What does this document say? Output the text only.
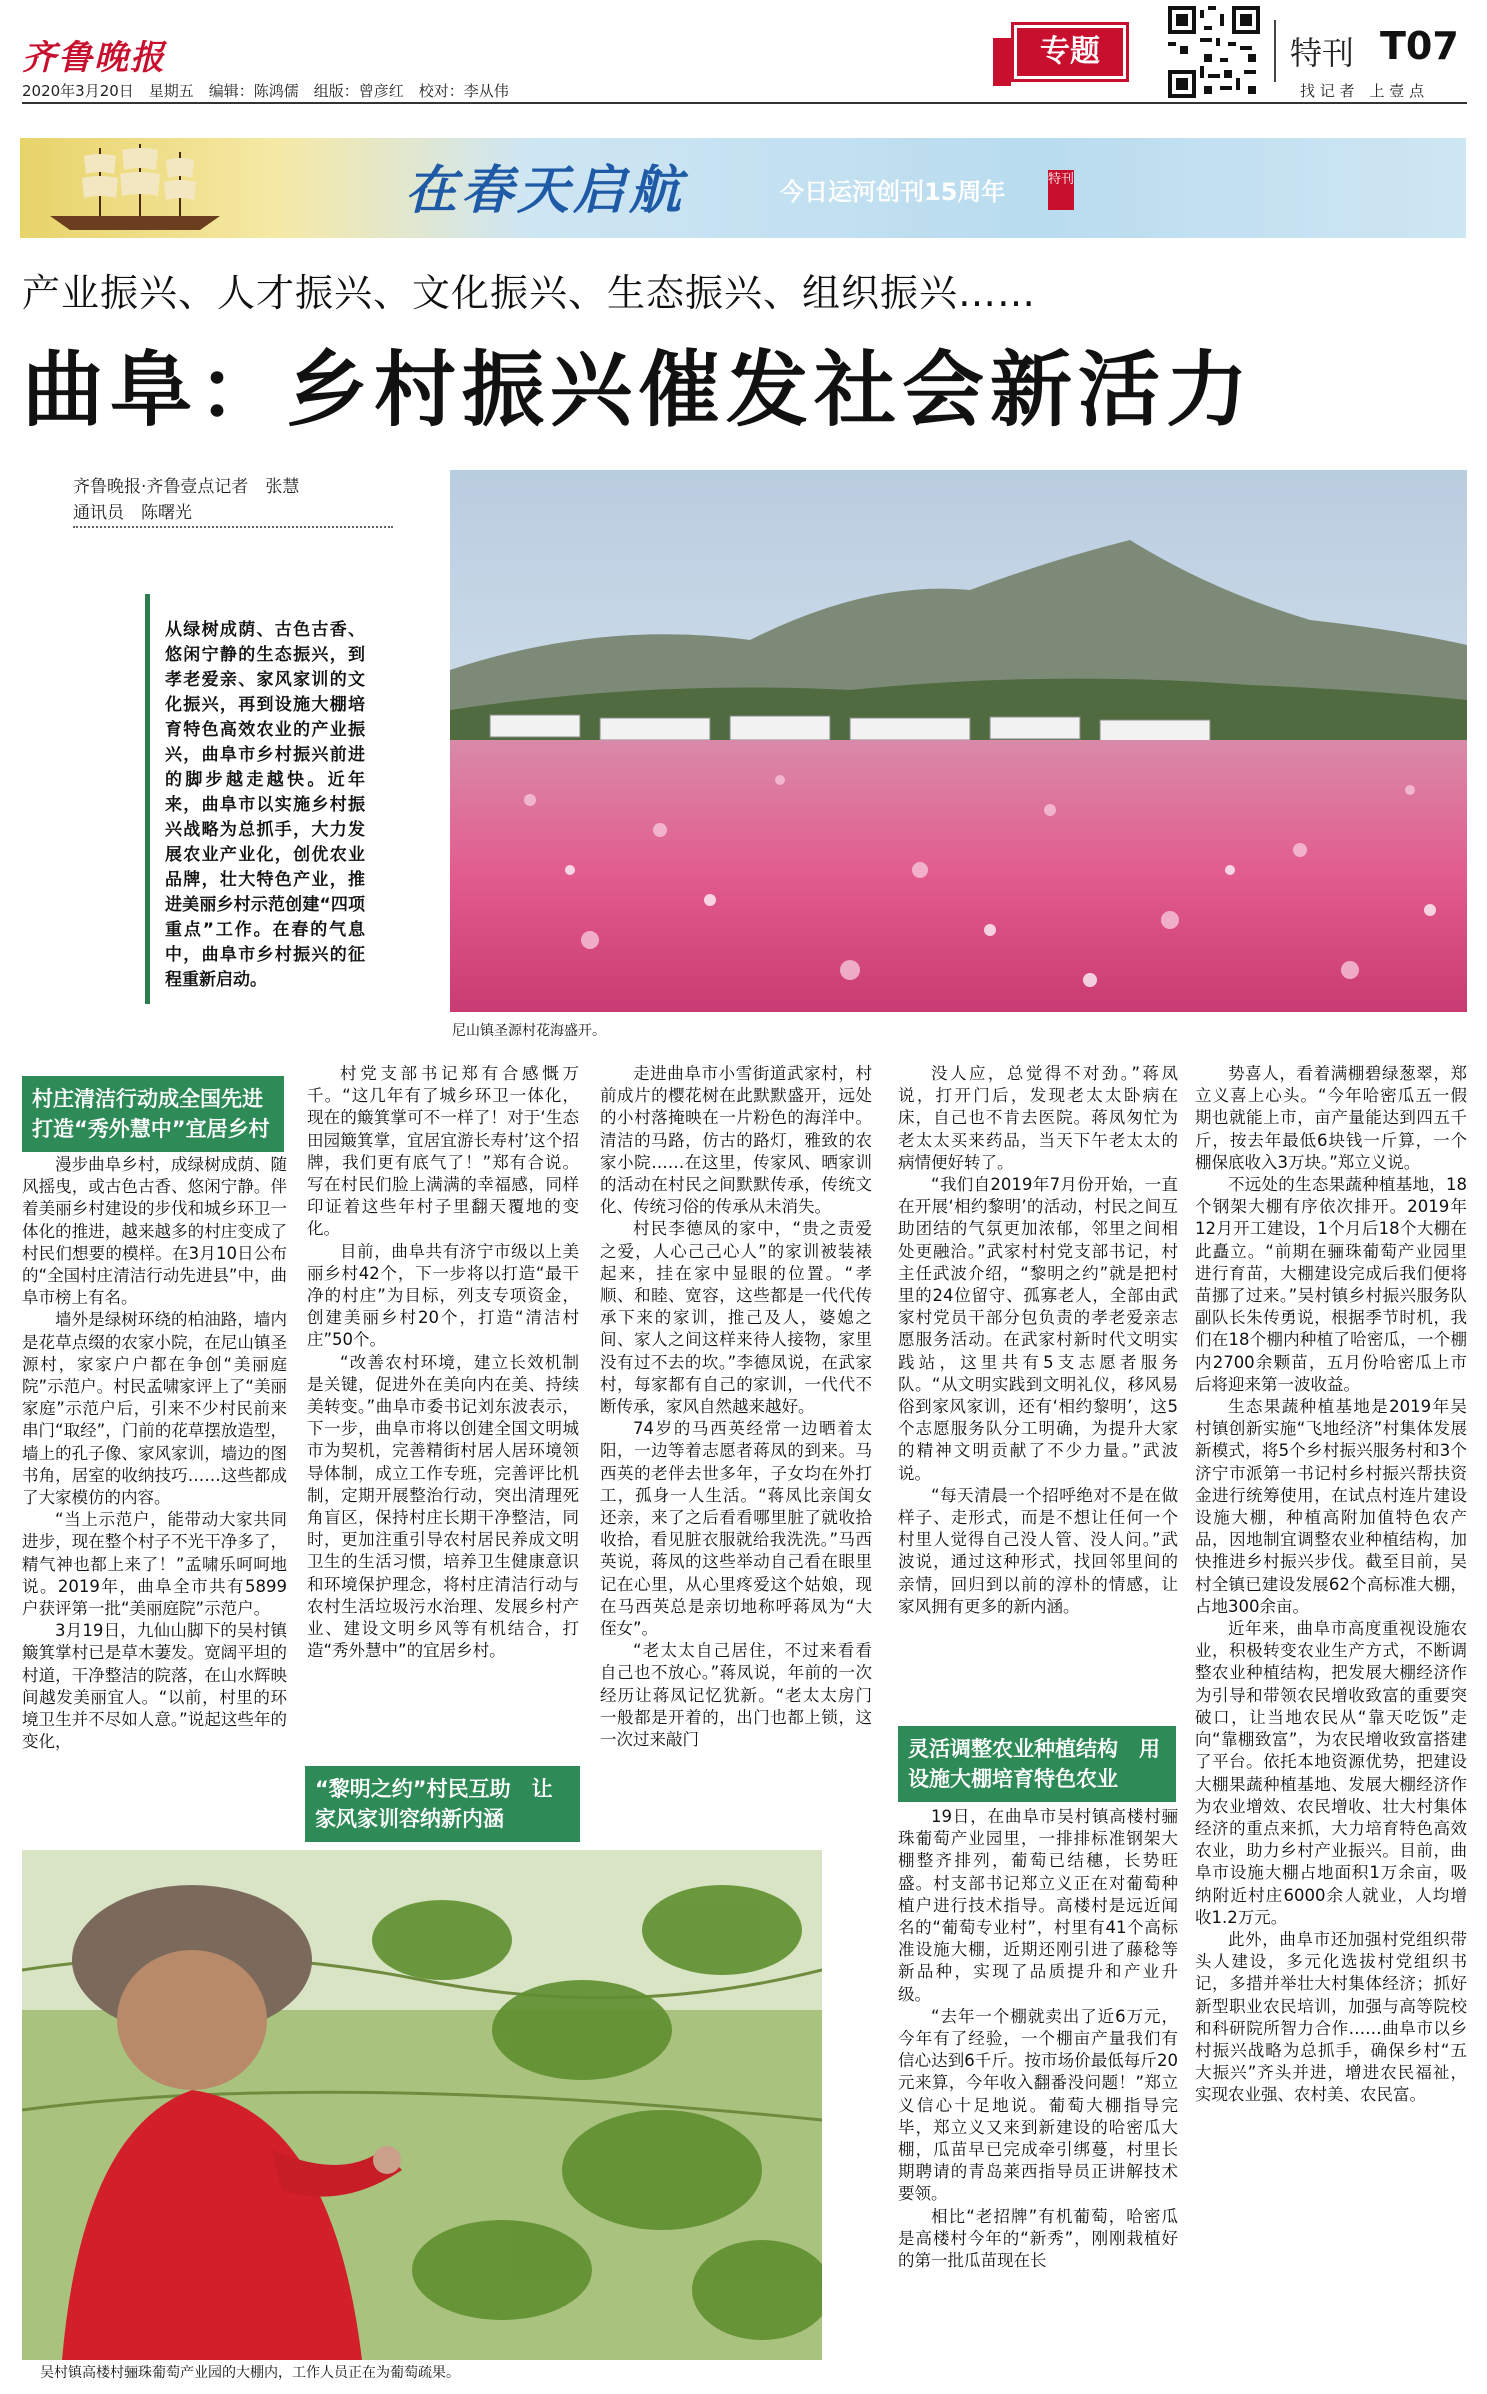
齐鲁晚报	专题	特刊 T07
2020年3月20日　星期五　编辑：陈鸿儒　组版：曾彦红　校对：李从伟	找 记 者　上 壹 点
在春天启航	今日运河创刊15周年	特刊
产业振兴、人才振兴、文化振兴、生态振兴、组织振兴……
曲阜：乡村振兴催发社会新活力
齐鲁晚报·齐鲁壹点记者　张慧
通讯员　陈曙光
从绿树成荫、古色古香、悠闲宁静的生态振兴，到孝老爱亲、家风家训的文化振兴，再到设施大棚培育特色高效农业的产业振兴，曲阜市乡村振兴前进的脚步越走越快。近年来，曲阜市以实施乡村振兴战略为总抓手，大力发展农业产业化，创优农业品牌，壮大特色产业，推进美丽乡村示范创建“四项重点”工作。在春的气息中，曲阜市乡村振兴的征程重新启动。
尼山镇圣源村花海盛开。
村庄清洁行动成全国先进　打造“秀外慧中”宜居乡村
“黎明之约”村民互助　让家风家训容纳新内涵
灵活调整农业种植结构　用设施大棚培育特色农业

漫步曲阜乡村，成绿树成荫、随风摇曳，或古色古香、悠闲宁静。伴着美丽乡村建设的步伐和城乡环卫一体化的推进，越来越多的村庄变成了村民们想要的模样。在3月10日公布的“全国村庄清洁行动先进县”中，曲阜市榜上有名。

墙外是绿树环绕的柏油路，墙内是花草点缀的农家小院，在尼山镇圣源村，家家户户都在争创“美丽庭院”示范户。村民孟啸家评上了“美丽家庭”示范户后，引来不少村民前来串门“取经”，门前的花草摆放造型，墙上的孔子像、家风家训，墙边的图书角，居室的收纳技巧……这些都成了大家模仿的内容。

“当上示范户，能带动大家共同进步，现在整个村子不光干净多了，精气神也都上来了！”孟啸乐呵呵地说。2019年，曲阜全市共有5899户获评第一批“美丽庭院”示范户。

3月19日，九仙山脚下的吴村镇簸箕掌村已是草木萋发。宽阔平坦的村道，干净整洁的院落，在山水辉映间越发美丽宜人。“以前，村里的环境卫生并不尽如人意。”说起这些年的变化，

村党支部书记郑有合感慨万千。“这几年有了城乡环卫一体化，现在的簸箕掌可不一样了！对于‘生态田园簸箕掌，宜居宜游长寿村’这个招牌，我们更有底气了！”郑有合说。写在村民们脸上满满的幸福感，同样印证着这些年村子里翻天覆地的变化。

目前，曲阜共有济宁市级以上美丽乡村42个，下一步将以打造“最干净的村庄”为目标，列支专项资金，创建美丽乡村20个，打造“清洁村庄”50个。

“改善农村环境，建立长效机制是关键，促进外在美向内在美、持续美转变。”曲阜市委书记刘东波表示，下一步，曲阜市将以创建全国文明城市为契机，完善精街村居人居环境领导体制，成立工作专班，完善评比机制，定期开展整治行动，突出清理死角盲区，保持村庄长期干净整洁，同时，更加注重引导农村居民养成文明卫生的生活习惯，培养卫生健康意识和环境保护理念，将村庄清洁行动与农村生活垃圾污水治理、发展乡村产业、建设文明乡风等有机结合，打造“秀外慧中”的宜居乡村。

走进曲阜市小雪街道武家村，村前成片的樱花树在此默默盛开，远处的小村落掩映在一片粉色的海洋中。清洁的马路，仿古的路灯，雅致的农家小院……在这里，传家风、晒家训的活动在村民之间默默传承，传统文化、传统习俗的传承从未消失。

村民李德凤的家中，“贵之责爱之爱，人心己己心人”的家训被装裱起来，挂在家中显眼的位置。“孝顺、和睦、宽容，这些都是一代代传承下来的家训，推己及人，婆媳之间、家人之间这样来待人接物，家里没有过不去的坎。”李德凤说，在武家村，每家都有自己的家训，一代代不断传承，家风自然越来越好。

74岁的马西英经常一边晒着太阳，一边等着志愿者蒋凤的到来。马西英的老伴去世多年，子女均在外打工，孤身一人生活。“蒋凤比亲闺女还亲，来了之后看看哪里脏了就收拾收拾，看见脏衣服就给我洗洗。”马西英说，蒋凤的这些举动自己看在眼里记在心里，从心里疼爱这个姑娘，现在马西英总是亲切地称呼蒋凤为“大侄女”。

“老太太自己居住，不过来看看自己也不放心。”蒋凤说，年前的一次经历让蒋凤记忆犹新。“老太太房门一般都是开着的，出门也都上锁，这一次过来敲门

没人应，总觉得不对劲。”蒋凤说，打开门后，发现老太太卧病在床，自己也不肯去医院。蒋凤匆忙为老太太买来药品，当天下午老太太的病情便好转了。

“我们自2019年7月份开始，一直在开展‘相约黎明’的活动，村民之间互助团结的气氛更加浓郁，邻里之间相处更融洽。”武家村村党支部书记，村主任武波介绍，“黎明之约”就是把村里的24位留守、孤寡老人，全部由武家村党员干部分包负责的孝老爱亲志愿服务活动。在武家村新时代文明实践站，这里共有5支志愿者服务队。“从文明实践到文明礼仪，移风易俗到家风家训，还有‘相约黎明’，这5个志愿服务队分工明确，为提升大家的精神文明贡献了不少力量。”武波说。

“每天清晨一个招呼绝对不是在做样子、走形式，而是不想让任何一个村里人觉得自己没人管、没人问。”武波说，通过这种形式，找回邻里间的亲情，回归到以前的淳朴的情感，让家风拥有更多的新内涵。

19日，在曲阜市吴村镇高楼村骊珠葡萄产业园里，一排排标准钢架大棚整齐排列，葡萄已结穗，长势旺盛。村支部书记郑立义正在对葡萄种植户进行技术指导。高楼村是远近闻名的“葡萄专业村”，村里有41个高标准设施大棚，近期还刚引进了藤稔等新品种，实现了品质提升和产业升级。

“去年一个棚就卖出了近6万元，今年有了经验，一个棚亩产量我们有信心达到6千斤。按市场价最低每斤20元来算，今年收入翻番没问题！”郑立义信心十足地说。葡萄大棚指导完毕，郑立义又来到新建设的哈密瓜大棚，瓜苗早已完成牵引绑蔓，村里长期聘请的青岛莱西指导员正讲解技术要领。

相比“老招牌”有机葡萄，哈密瓜是高楼村今年的“新秀”，刚刚栽植好的第一批瓜苗现在长

势喜人，看着满棚碧绿葱翠，郑立义喜上心头。“今年哈密瓜五一假期也就能上市，亩产量能达到四五千斤，按去年最低6块钱一斤算，一个棚保底收入3万块。”郑立义说。

不远处的生态果蔬种植基地，18个钢架大棚有序依次排开。2019年12月开工建设，1个月后18个大棚在此矗立。“前期在骊珠葡萄产业园里进行育苗，大棚建设完成后我们便将苗挪了过来。”吴村镇乡村振兴服务队副队长朱传勇说，根据季节时机，我们在18个棚内种植了哈密瓜，一个棚内2700余颗苗，五月份哈密瓜上市后将迎来第一波收益。

生态果蔬种植基地是2019年吴村镇创新实施“飞地经济”村集体发展新模式，将5个乡村振兴服务村和3个济宁市派第一书记村乡村振兴帮扶资金进行统筹使用，在试点村连片建设设施大棚，种植高附加值特色农产品，因地制宜调整农业种植结构，加快推进乡村振兴步伐。截至目前，吴村全镇已建设发展62个高标准大棚，占地300余亩。

近年来，曲阜市高度重视设施农业，积极转变农业生产方式，不断调整农业种植结构，把发展大棚经济作为引导和带领农民增收致富的重要突破口，让当地农民从“靠天吃饭”走向“靠棚致富”，为农民增收致富搭建了平台。依托本地资源优势，把建设大棚果蔬种植基地、发展大棚经济作为农业增效、农民增收、壮大村集体经济的重点来抓，大力培育特色高效农业，助力乡村产业振兴。目前，曲阜市设施大棚占地面积1万余亩，吸纳附近村庄6000余人就业，人均增收1.2万元。

此外，曲阜市还加强村党组织带头人建设，多元化选拔村党组织书记，多措并举壮大村集体经济；抓好新型职业农民培训，加强与高等院校和科研院所智力合作……曲阜市以乡村振兴战略为总抓手，确保乡村“五大振兴”齐头并进，增进农民福祉，实现农业强、农村美、农民富。

吴村镇高楼村骊珠葡萄产业园的大棚内，工作人员正在为葡萄疏果。
